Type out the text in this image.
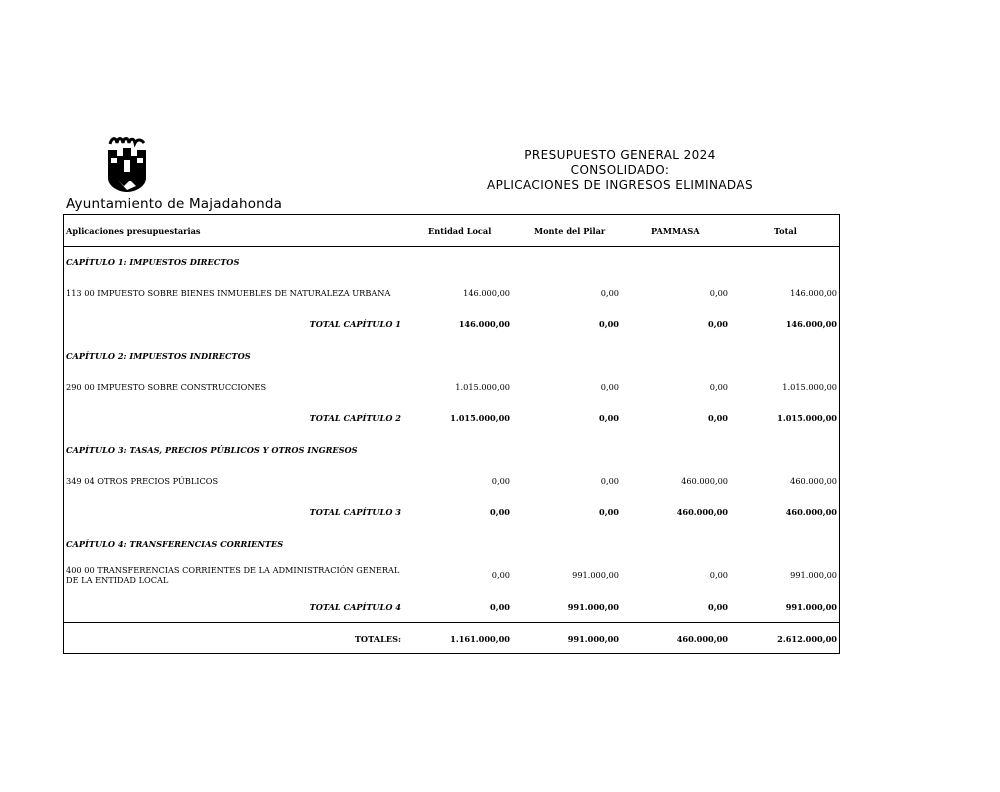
Ayuntamiento de Majadahonda
PRESUPUESTO GENERAL 2024
CONSOLIDADO:
APLICACIONES DE INGRESOS ELIMINADAS
Aplicaciones presupuestarias	Entidad Local	Monte del Pilar	PAMMASA	Total
CAPÍTULO 1: IMPUESTOS DIRECTOS
113 00 IMPUESTO SOBRE BIENES INMUEBLES DE NATURALEZA URBANA	146.000,00	0,00	0,00	146.000,00
TOTAL CAPÍTULO 1	146.000,00	0,00	0,00	146.000,00
CAPÍTULO 2: IMPUESTOS INDIRECTOS
290 00 IMPUESTO SOBRE CONSTRUCCIONES	1.015.000,00	0,00	0,00	1.015.000,00
TOTAL CAPÍTULO 2	1.015.000,00	0,00	0,00	1.015.000,00
CAPÍTULO 3: TASAS, PRECIOS PÚBLICOS Y OTROS INGRESOS
349 04 OTROS PRECIOS PÚBLICOS	0,00	0,00	460.000,00	460.000,00
TOTAL CAPÍTULO 3	0,00	0,00	460.000,00	460.000,00
CAPÍTULO 4: TRANSFERENCIAS CORRIENTES
400 00 TRANSFERENCIAS CORRIENTES DE LA ADMINISTRACIÓN GENERAL
DE LA ENTIDAD LOCAL	0,00	991.000,00	0,00	991.000,00
TOTAL CAPÍTULO 4	0,00	991.000,00	0,00	991.000,00
TOTALES:	1.161.000,00	991.000,00	460.000,00	2.612.000,00
